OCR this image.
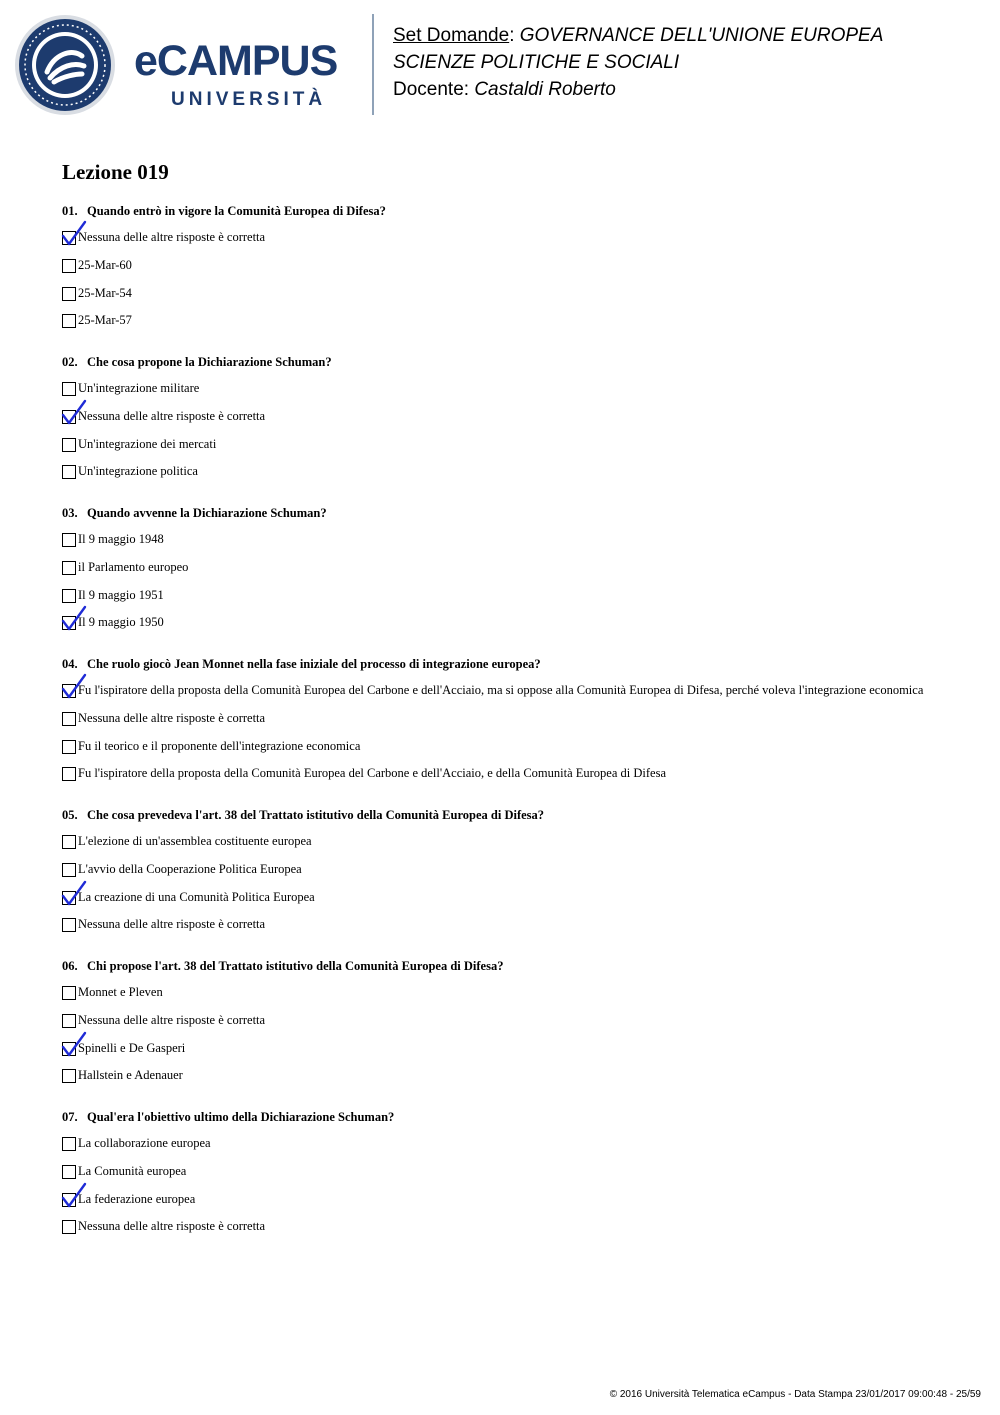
eCAMPUS
UNIVERSITÀ
Set Domande: GOVERNANCE DELL'UNIONE EUROPEA
SCIENZE POLITICHE E SOCIALI
Docente: Castaldi Roberto
Lezione 019
01. Quando entrò in vigore la Comunità Europea di Difesa?
Nessuna delle altre risposte è corretta
25-Mar-60
25-Mar-54
25-Mar-57
02. Che cosa propone la Dichiarazione Schuman?
Un'integrazione militare
Nessuna delle altre risposte è corretta
Un'integrazione dei mercati
Un'integrazione politica
03. Quando avvenne la Dichiarazione Schuman?
Il 9 maggio 1948
il Parlamento europeo
Il 9 maggio 1951
Il 9 maggio 1950
04. Che ruolo giocò Jean Monnet nella fase iniziale del processo di integrazione europea?
Fu l'ispiratore della proposta della Comunità Europea del Carbone e dell'Acciaio, ma si oppose alla Comunità Europea di Difesa, perché voleva l'integrazione economica
Nessuna delle altre risposte è corretta
Fu il teorico e il proponente dell'integrazione economica
Fu l'ispiratore della proposta della Comunità Europea del Carbone e dell'Acciaio, e della Comunità Europea di Difesa
05. Che cosa prevedeva l'art. 38 del Trattato istitutivo della Comunità Europea di Difesa?
L'elezione di un'assemblea costituente europea
L'avvio della Cooperazione Politica Europea
La creazione di una Comunità Politica Europea
Nessuna delle altre risposte è corretta
06. Chi propose l'art. 38 del Trattato istitutivo della Comunità Europea di Difesa?
Monnet e Pleven
Nessuna delle altre risposte è corretta
Spinelli e De Gasperi
Hallstein e Adenauer
07. Qual'era l'obiettivo ultimo della Dichiarazione Schuman?
La collaborazione europea
La Comunità europea
La federazione europea
Nessuna delle altre risposte è corretta
© 2016 Università Telematica eCampus - Data Stampa 23/01/2017 09:00:48 - 25/59
